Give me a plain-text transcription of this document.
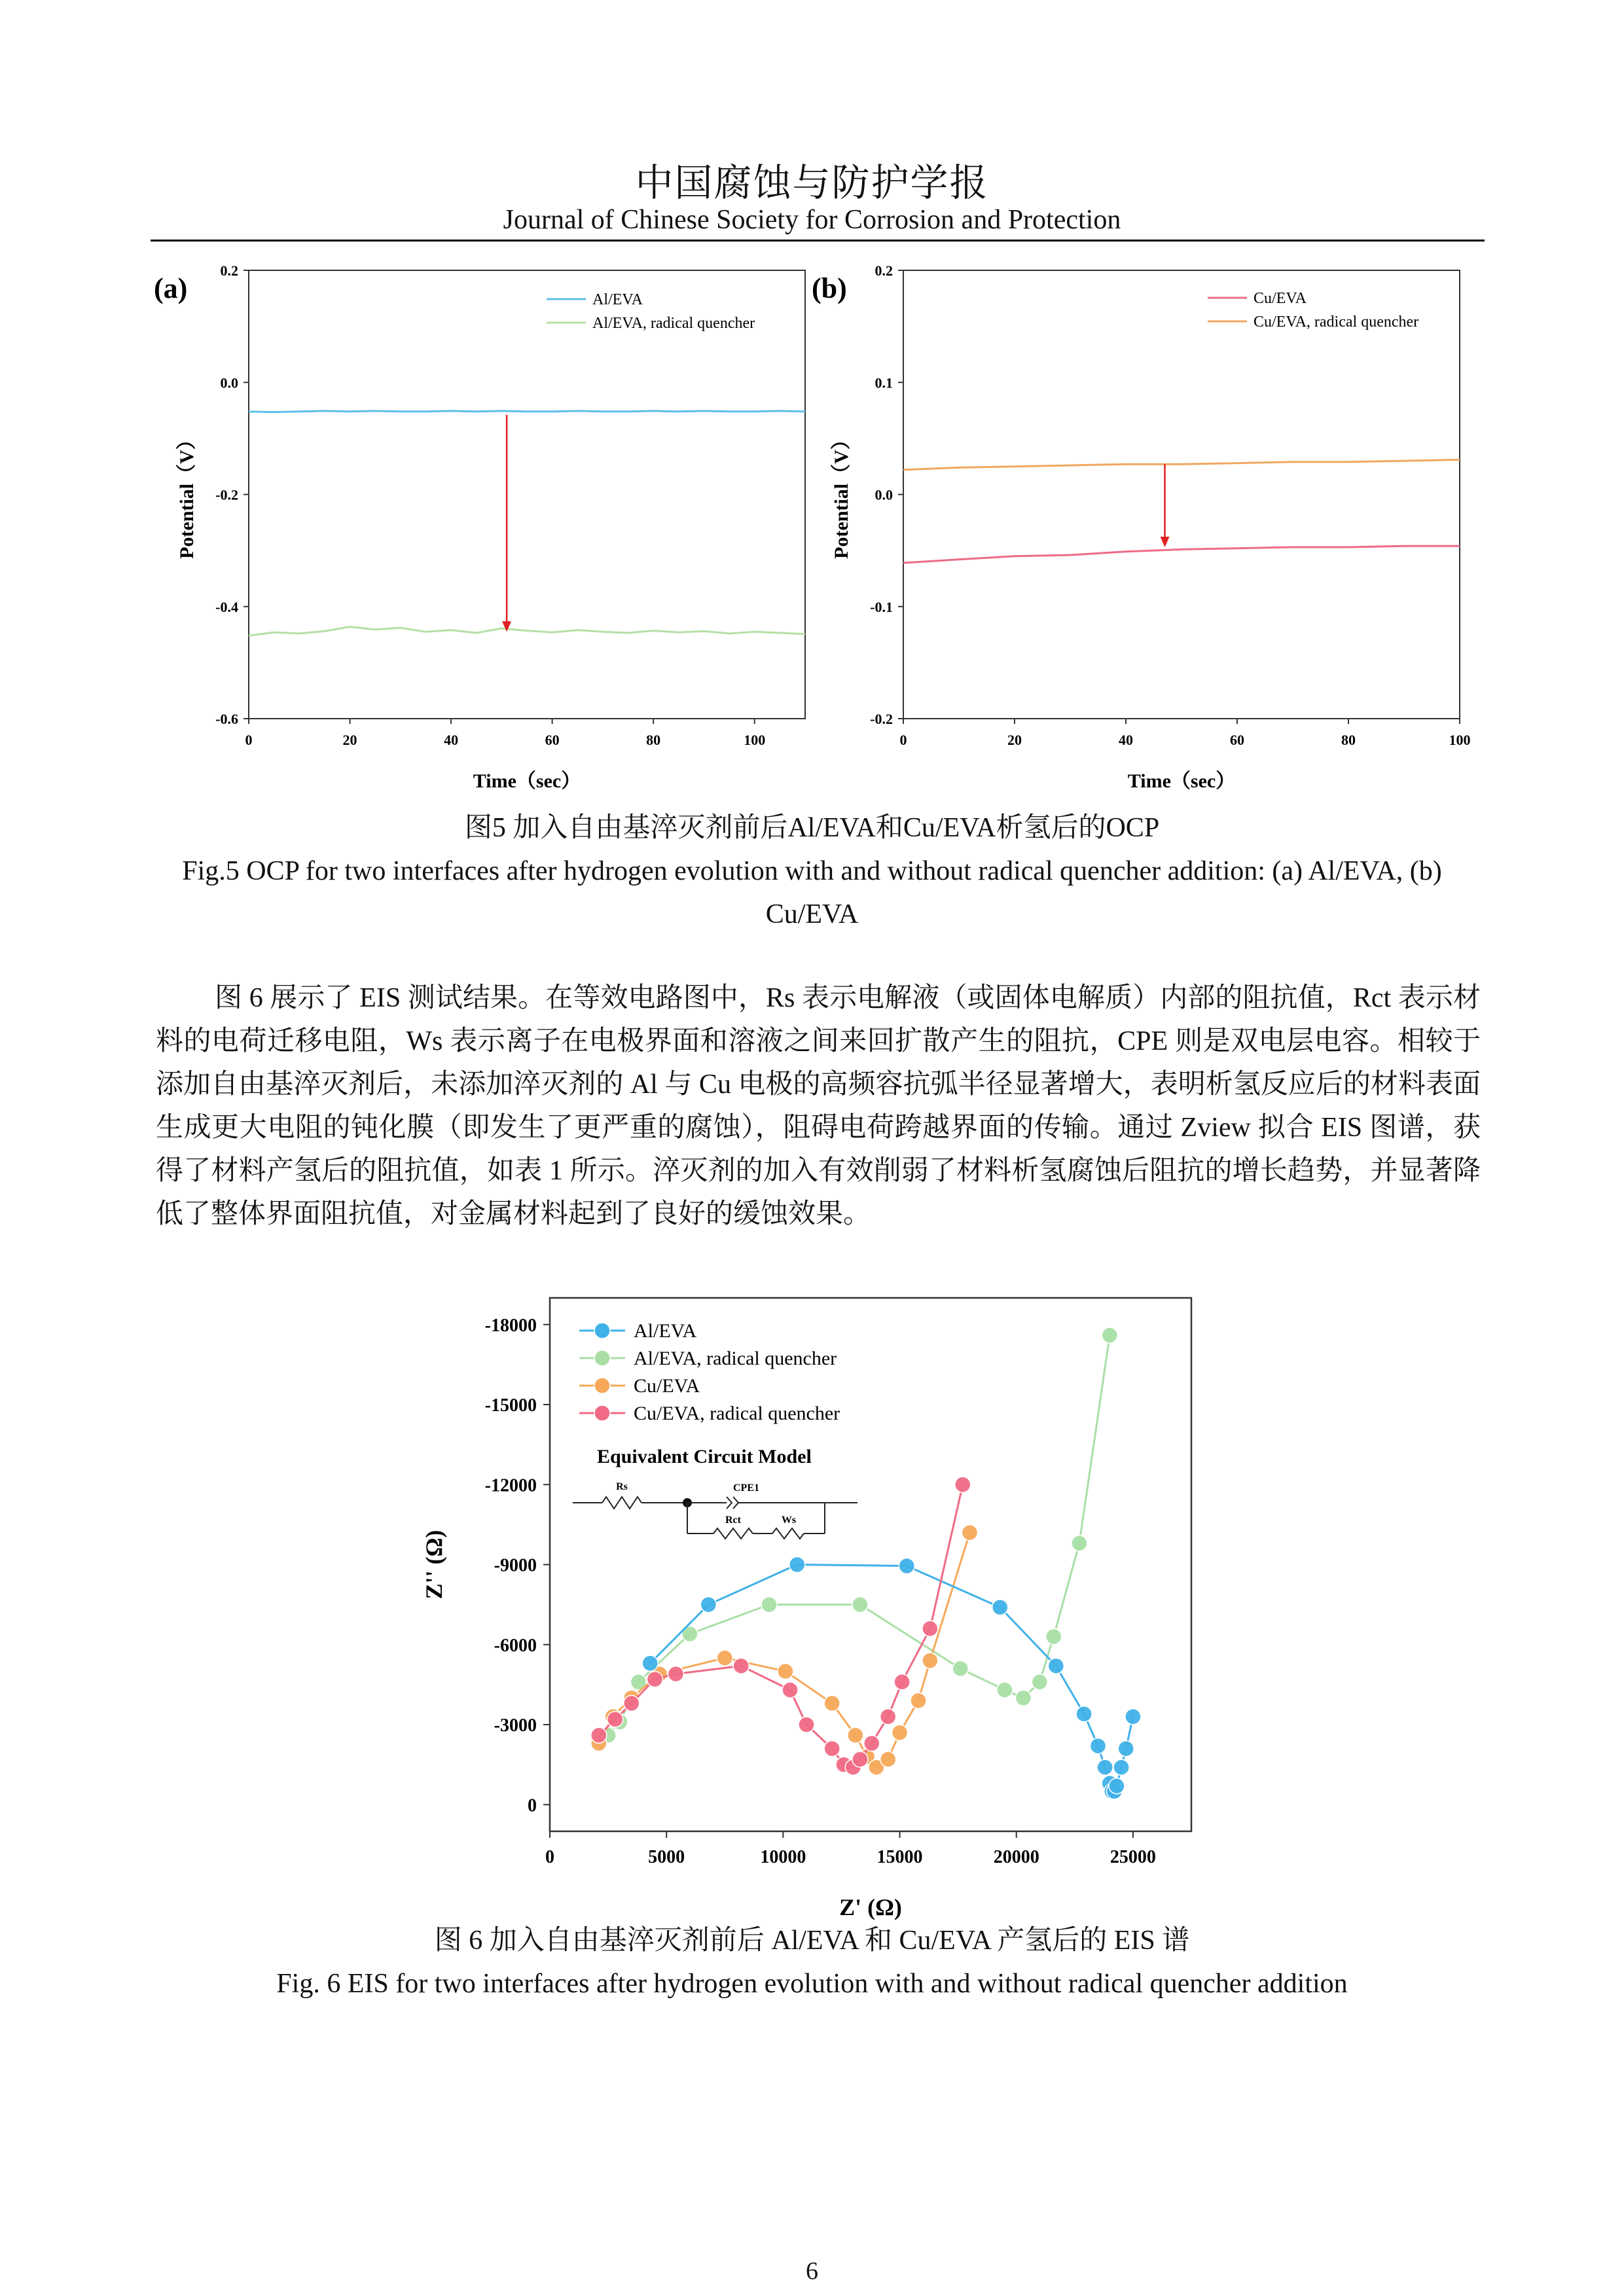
中国腐蚀与防护学报
Journal of Chinese Society for Corrosion and Protection
0.2
0.0
-0.2
-0.4
-0.6
0	20	40	60	80	100
Time（sec）
Potential（V）
(a)	Al/EVA
Al/EVA, radical quencher
0.2
0.1
0.0
-0.1
-0.2
0	20	40	60	80	100
Time（sec）
Potential（V）
(b)	Cu/EVA
Cu/EVA, radical quencher
图5 加入自由基淬灭剂前后Al/EVA和Cu/EVA析氢后的OCP
Fig.5 OCP for two interfaces after hydrogen evolution with and without radical quencher addition: (a) Al/EVA, (b)
Cu/EVA

图 6 展示了 EIS 测试结果。在等效电路图中，Rs 表示电解液（或固体电解质）内部的阻抗值，Rct 表示材料的电荷迁移电阻，Ws 表示离子在电极界面和溶液之间来回扩散产生的阻抗，CPE 则是双电层电容。相较于添加自由基淬灭剂后，未添加淬灭剂的 Al 与 Cu 电极的高频容抗弧半径显著增大，表明析氢反应后的材料表面生成更大电阻的钝化膜（即发生了更严重的腐蚀），阻碍电荷跨越界面的传输。通过 Zview 拟合 EIS 图谱，获得了材料产氢后的阻抗值，如表 1 所示。淬灭剂的加入有效削弱了材料析氢腐蚀后阻抗的增长趋势，并显著降低了整体界面阻抗值，对金属材料起到了良好的缓蚀效果。

-18000
-15000
-12000
-9000
-6000
-3000
0
0	5000	10000	15000	20000	25000
Z' (Ω)
Z'' (Ω)
Al/EVA
Al/EVA, radical quencher
Cu/EVA
Cu/EVA, radical quencher
Equivalent Circuit Model
Rs	CPE1
Rct	Ws
图 6 加入自由基淬灭剂前后 Al/EVA 和 Cu/EVA 产氢后的 EIS 谱
Fig. 6 EIS for two interfaces after hydrogen evolution with and without radical quencher addition
6
